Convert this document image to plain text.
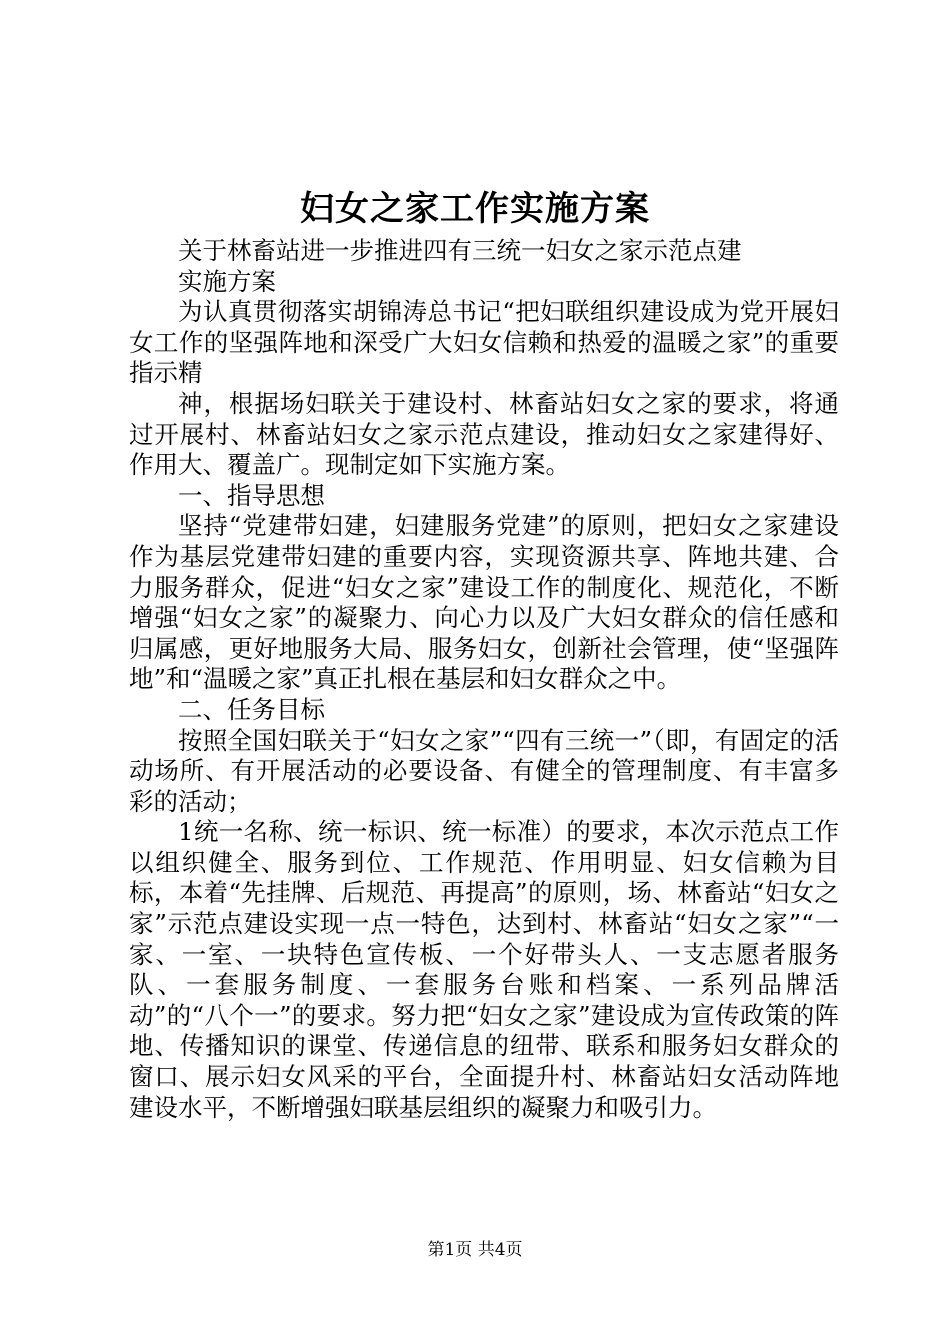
妇女之家工作实施方案

关于林畜站进一步推进四有三统一妇女之家示范点建

实施方案

为认真贯彻落实胡锦涛总书记“把妇联组织建设成为党开展妇女工作的坚强阵地和深受广大妇女信赖和热爱的温暖之家”的重要指示精

神，根据场妇联关于建设村、林畜站妇女之家的要求，将通过开展村、林畜站妇女之家示范点建设，推动妇女之家建得好、作用大、覆盖广。现制定如下实施方案。

一、指导思想

坚持“党建带妇建，妇建服务党建”的原则，把妇女之家建设作为基层党建带妇建的重要内容，实现资源共享、阵地共建、合力服务群众，促进“妇女之家”建设工作的制度化、规范化，不断增强“妇女之家”的凝聚力、向心力以及广大妇女群众的信任感和归属感，更好地服务大局、服务妇女，创新社会管理，使“坚强阵地”和“温暖之家”真正扎根在基层和妇女群众之中。

二、任务目标

按照全国妇联关于“妇女之家”“四有三统一”（即，有固定的活动场所、有开展活动的必要设备、有健全的管理制度、有丰富多彩的活动；

1统一名称、统一标识、统一标准）的要求，本次示范点工作以组织健全、服务到位、工作规范、作用明显、妇女信赖为目标，本着“先挂牌、后规范、再提高”的原则，场、林畜站“妇女之家”示范点建设实现一点一特色，达到村、林畜站“妇女之家”“一家、一室、一块特色宣传板、一个好带头人、一支志愿者服务队、一套服务制度、一套服务台账和档案、一系列品牌活动”的“八个一”的要求。努力把“妇女之家”建设成为宣传政策的阵地、传播知识的课堂、传递信息的纽带、联系和服务妇女群众的窗口、展示妇女风采的平台，全面提升村、林畜站妇女活动阵地建设水平，不断增强妇联基层组织的凝聚力和吸引力。

第1页 共4页
